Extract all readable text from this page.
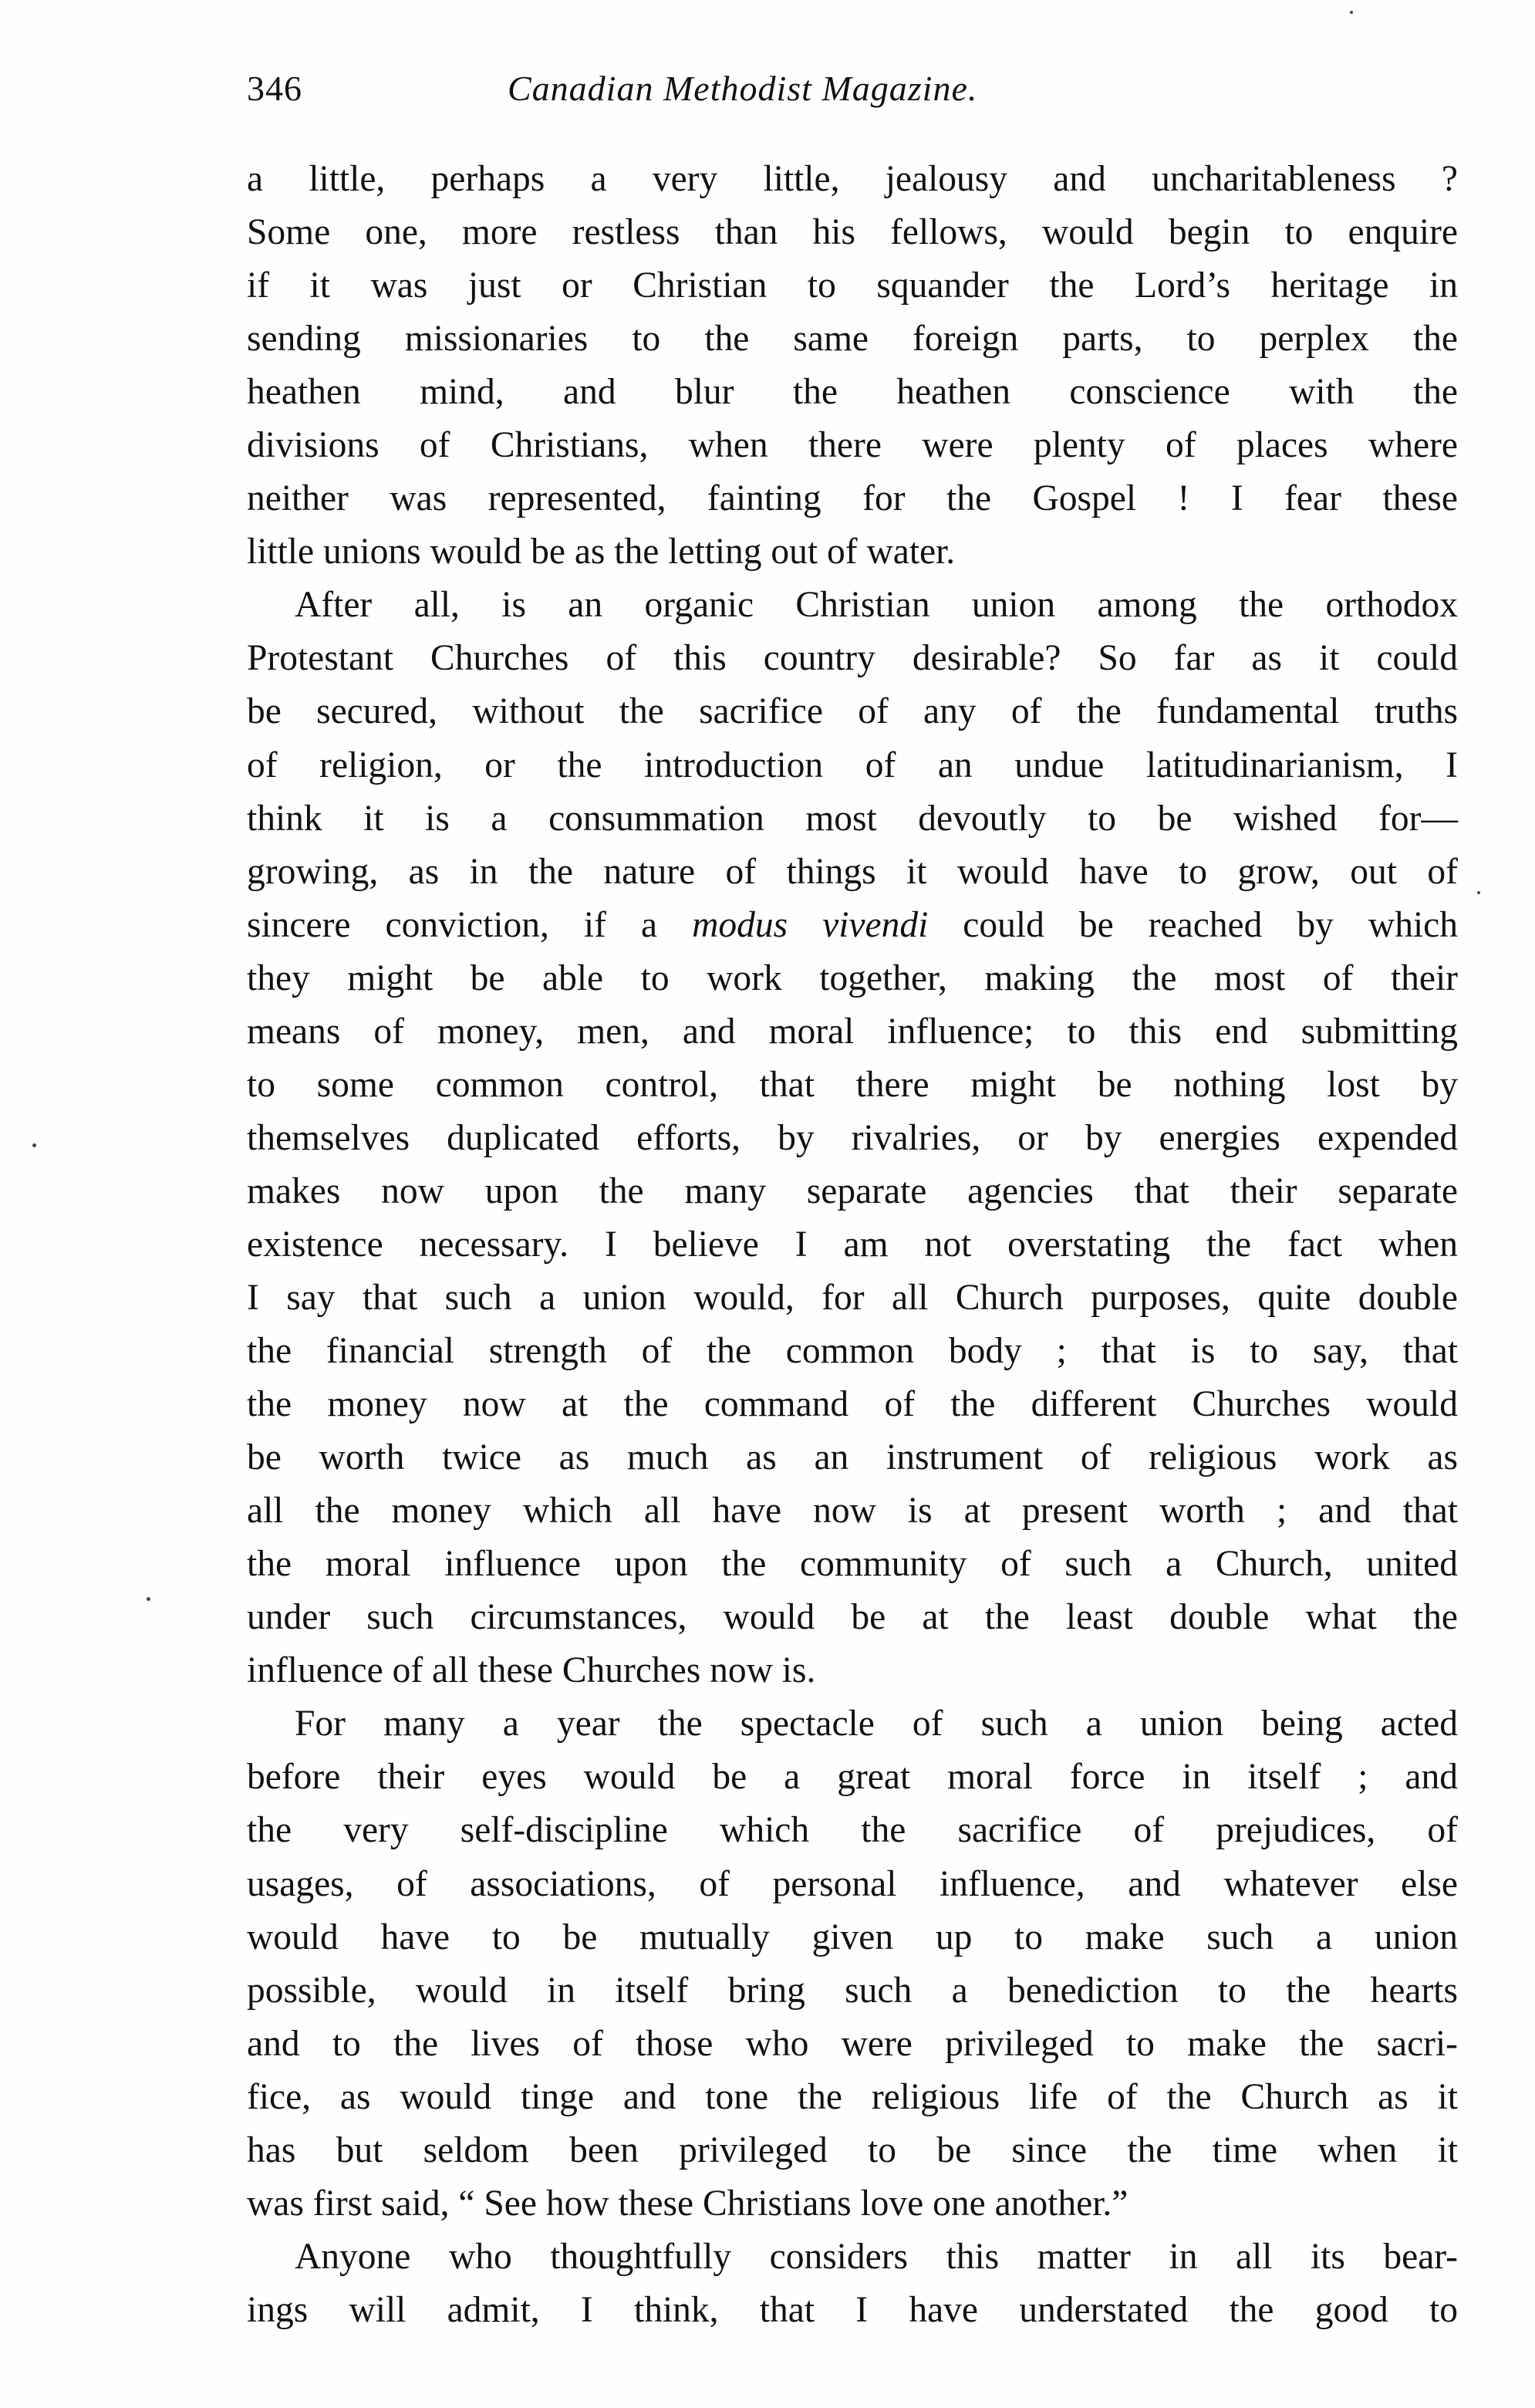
346	Canadian Methodist Magazine.
a little, perhaps a very little, jealousy and uncharitableness ?
Some one, more restless than his fellows, would begin to enquire
if it was just or Christian to squander the Lord’s heritage in
sending missionaries to the same foreign parts, to perplex the
heathen mind, and blur the heathen conscience with the
divisions of Christians, when there were plenty of places where
neither was represented, fainting for the Gospel ! I fear these
little unions would be as the letting out of water.
After all, is an organic Christian union among the orthodox
Protestant Churches of this country desirable? So far as it could
be secured, without the sacrifice of any of the fundamental truths
of religion, or the introduction of an undue latitudinarianism, I
think it is a consummation most devoutly to be wished for—
growing, as in the nature of things it would have to grow, out of
sincere conviction, if a modus vivendi could be reached by which
they might be able to work together, making the most of their
means of money, men, and moral influence; to this end submitting
to some common control, that there might be nothing lost by
themselves duplicated efforts, by rivalries, or by energies expended
makes now upon the many separate agencies that their separate
existence necessary. I believe I am not overstating the fact when
I say that such a union would, for all Church purposes, quite double
the financial strength of the common body ; that is to say, that
the money now at the command of the different Churches would
be worth twice as much as an instrument of religious work as
all the money which all have now is at present worth ; and that
the moral influence upon the community of such a Church, united
under such circumstances, would be at the least double what the
influence of all these Churches now is.
For many a year the spectacle of such a union being acted
before their eyes would be a great moral force in itself ; and
the very self-discipline which the sacrifice of prejudices, of
usages, of associations, of personal influence, and whatever else
would have to be mutually given up to make such a union
possible, would in itself bring such a benediction to the hearts
and to the lives of those who were privileged to make the sacri-
fice, as would tinge and tone the religious life of the Church as it
has but seldom been privileged to be since the time when it
was first said, “ See how these Christians love one another.”
Anyone who thoughtfully considers this matter in all its bear-
ings will admit, I think, that I have understated the good to
